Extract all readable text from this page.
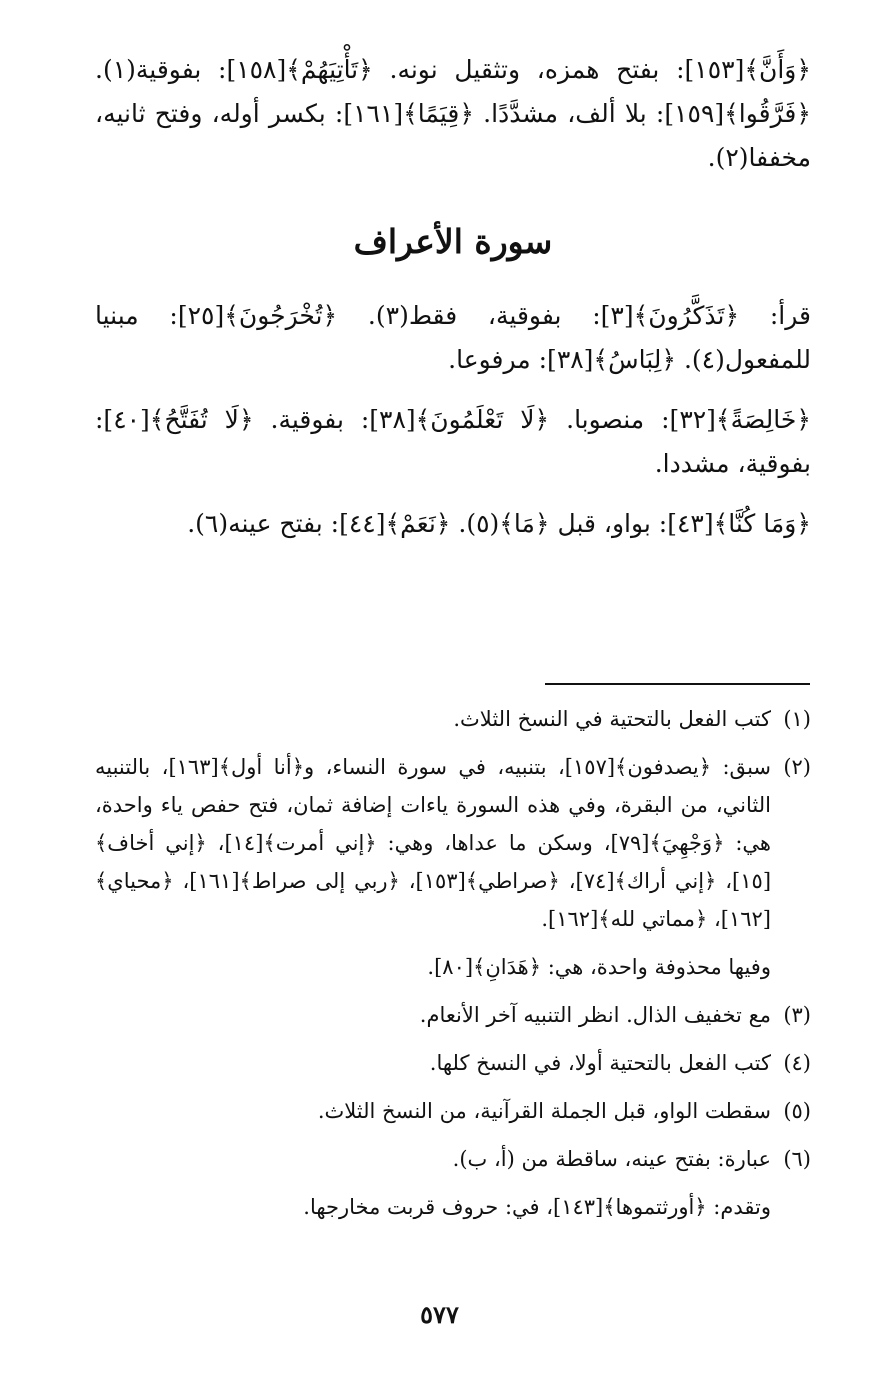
﴿وَأَنَّ﴾[١٥٣]: بفتح همزه، وتثقيل نونه. ﴿تَأْتِيَهُمْ﴾[١٥٨]: بفوقية(١). ﴿فَرَّقُوا﴾[١٥٩]: بلا ألف، مشدَّدًا. ﴿قِيَمًا﴾[١٦١]: بكسر أوله، وفتح ثانيه، مخففا(٢).

سورة الأعراف

قرأ: ﴿تَذَكَّرُونَ﴾[٣]: بفوقية، فقط(٣). ﴿تُخْرَجُونَ﴾[٢٥]: مبنيا للمفعول(٤). ﴿لِبَاسُ﴾[٣٨]: مرفوعا.

﴿خَالِصَةً﴾[٣٢]: منصوبا. ﴿لَا تَعْلَمُونَ﴾[٣٨]: بفوقية. ﴿لَا تُفَتَّحُ﴾[٤٠]: بفوقية، مشددا.

﴿وَمَا كُنَّا﴾[٤٣]: بواو، قبل ﴿مَا﴾(٥). ﴿نَعَمْ﴾[٤٤]: بفتح عينه(٦).

(١)
كتب الفعل بالتحتية في النسخ الثلاث.
(٢)
سبق: ﴿يصدفون﴾[١٥٧]، بتنبيه، في سورة النساء، و﴿أنا أول﴾[١٦٣]، بالتنبيه الثاني، من البقرة، وفي هذه السورة ياءات إضافة ثمان، فتح حفص ياء واحدة، هي: ﴿وَجْهِيَ﴾[٧٩]، وسكن ما عداها، وهي: ﴿إني أمرت﴾[١٤]، ﴿إني أخاف﴾[١٥]، ﴿إني أراك﴾[٧٤]، ﴿صراطي﴾[١٥٣]، ﴿ربي إلى صراط﴾[١٦١]، ﴿محياي﴾[١٦٢]، ﴿مماتي لله﴾[١٦٢].
وفيها محذوفة واحدة، هي: ﴿هَدَانِ﴾[٨٠].
(٣)
مع تخفيف الذال. انظر التنبيه آخر الأنعام.
(٤)
كتب الفعل بالتحتية أولا، في النسخ كلها.
(٥)
سقطت الواو، قبل الجملة القرآنية، من النسخ الثلاث.
(٦)
عبارة: بفتح عينه، ساقطة من (أ، ب).
وتقدم: ﴿أورثتموها﴾[١٤٣]، في: حروف قربت مخارجها.
٥٧٧
